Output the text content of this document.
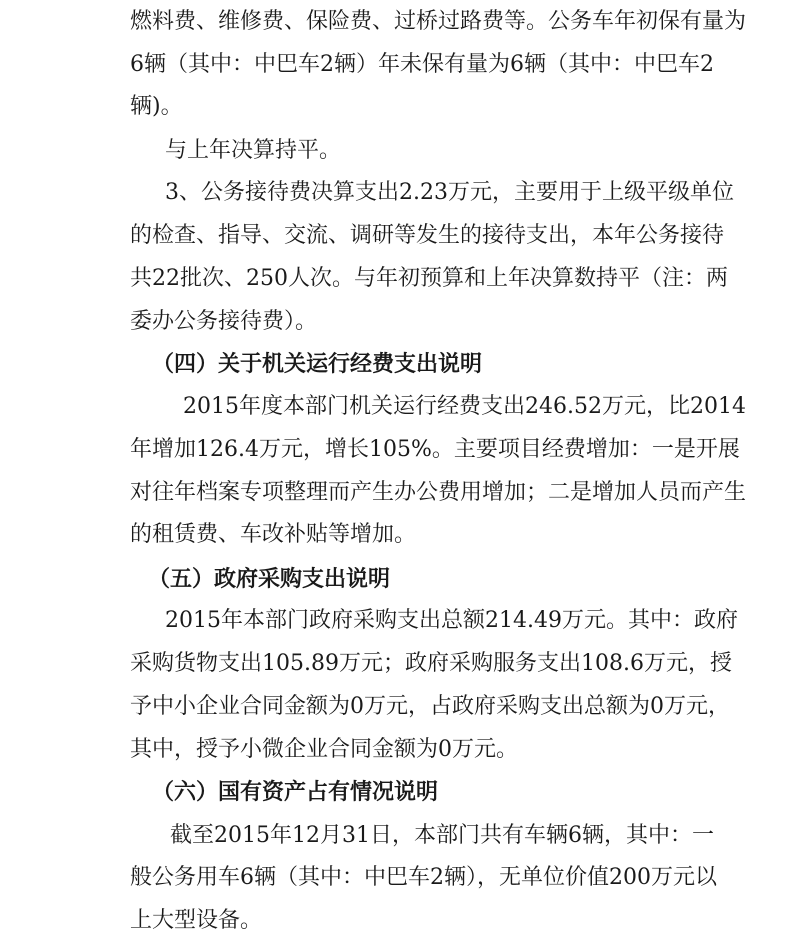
燃料费、维修费、保险费、过桥过路费等。公务车年初保有量为

6辆（其中：中巴车2辆）年未保有量为6辆（其中：中巴车2

辆)。

与上年决算持平。

3、公务接待费决算支出2.23万元，主要用于上级平级单位

的检查、指导、交流、调研等发生的接待支出，本年公务接待

共22批次、250人次。与年初预算和上年决算数持平（注：两

委办公务接待费）。

（四）关于机关运行经费支出说明

2015年度本部门机关运行经费支出246.52万元，比2014

年增加126.4万元，增长105%。主要项目经费增加：一是开展

对往年档案专项整理而产生办公费用增加；二是增加人员而产生

的租赁费、车改补贴等增加。

（五）政府采购支出说明

2015年本部门政府采购支出总额214.49万元。其中：政府

采购货物支出105.89万元；政府采购服务支出108.6万元，授

予中小企业合同金额为0万元，占政府采购支出总额为0万元，

其中，授予小微企业合同金额为0万元。

（六）国有资产占有情况说明

截至2015年12月31日，本部门共有车辆6辆，其中：一

般公务用车6辆（其中：中巴车2辆），无单位价值200万元以

上大型设备。
